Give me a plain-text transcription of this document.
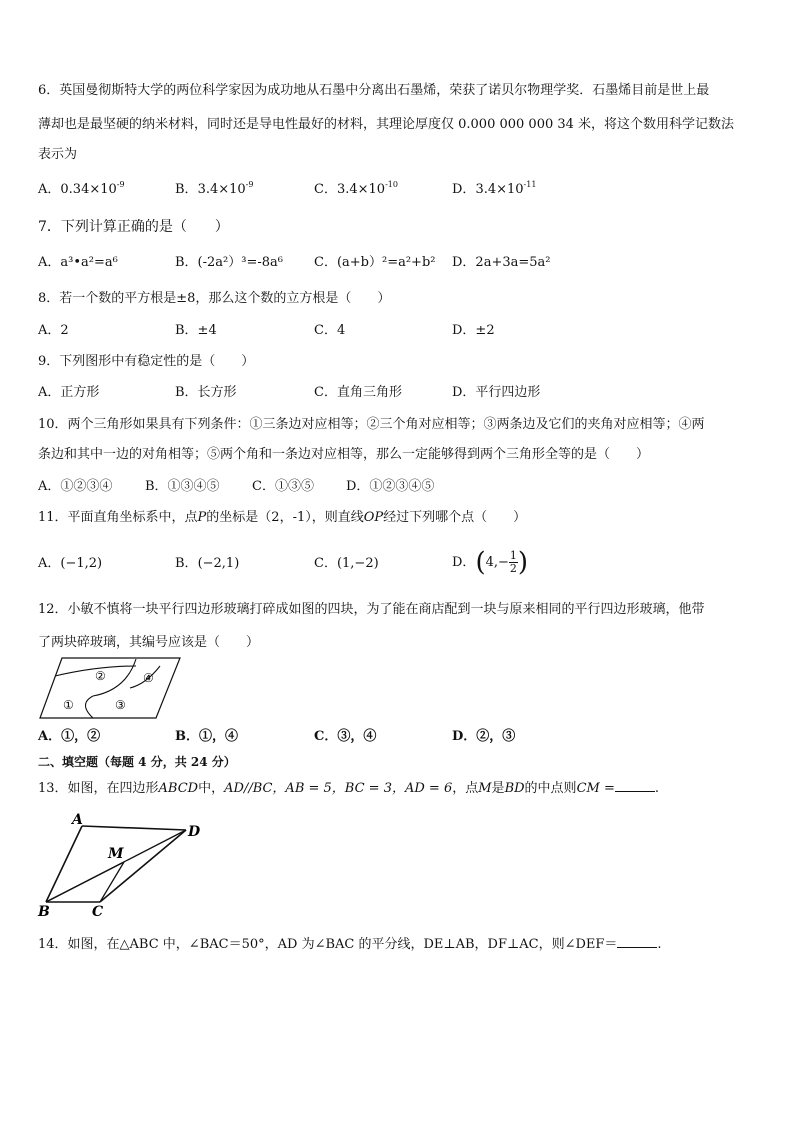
6．英国曼彻斯特大学的两位科学家因为成功地从石墨中分离出石墨烯，荣获了诺贝尔物理学奖．石墨烯目前是世上最
薄却也是最坚硬的纳米材料，同时还是导电性最好的材料，其理论厚度仅 0.000 000 000 34 米，将这个数用科学记数法
表示为
A．$0.34\times 10^{-9}$	B．$3.4\times 10^{-9}$	C．$3.4\times 10^{-10}$	D．$3.4\times 10^{-11}$
7．下列计算正确的是（　　）
A．a³•a²=a⁶	B．(-2a²）³=-8a⁶ C．(a+b）²=a²+b² D．2a+3a=5a²
8．若一个数的平方根是±8，那么这个数的立方根是（　　）
A．2	B．±4	C．4	D．±2
9．下列图形中有稳定性的是（　　）
A．正方形	B．长方形	C．直角三角形	D．平行四边形
10．两个三角形如果具有下列条件：①三条边对应相等；②三个角对应相等；③两条边及它们的夹角对应相等；④两
条边和其中一边的对角相等；⑤两个角和一条边对应相等，那么一定能够得到两个三角形全等的是（　　）
A．①②③④	B．①③④⑤ C．①③⑤ D．①②③④⑤
11．平面直角坐标系中，点P的坐标是（2，-1），则直线OP经过下列哪个点（　　）
A．(−1,2)	B．(−2,1)	C．(1,−2)	D．($4,- \frac{1}{2}$ )
12．小敏不慎将一块平行四边形玻璃打碎成如图的四块，为了能在商店配到一块与原来相同的平行四边形玻璃，他带
了两块碎玻璃，其编号应该是（　　）
①
②
③
④
A．①，②	B．①，④	C．③，④	D．②，③
二、填空题（每题 4 分，共 24 分）
13．如图，在四边形ABCD中，AD//BC，AB = 5，BC = 3，AD = 6，点M是BD的中点则CM =	.
A
D
M
B	C
14．如图，在△ABC 中，∠BAC＝50°，AD 为∠BAC 的平分线，DE⊥AB，DF⊥AC，则∠DEF＝	.
